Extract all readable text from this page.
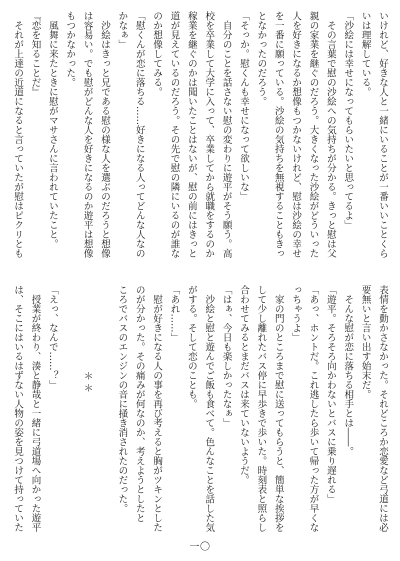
いけれど、好きな人と一緒にいることが一番いいことくら
いは理解している。
「沙絵には幸せになってもらいたいと思ってるよ」
　その言葉で慰の沙絵への気持ちが分かる。きっと慰は父
親の家業を継ぐのだろう。大きくなった沙絵がどういった
人を好きになるか想像もつかないけれど、慰は沙絵の幸せ
を一番に願っている。沙絵の気持ちを無視することもきっ
となかったのだろう。
「そっか。慰くんも幸せになって欲しいな」
　自分のことを話さない慰の変わりに遊平がそう願う。高
校を卒業して大学に入って、卒業してから就職をするのか
稼業を継ぐのかは聞いたことはないが、慰の前にはきっと
道が見えているのだろう。その先で慰の隣にいるのが誰な
のか想像してみる。
「慰くんが恋に落ちる……好きになる人ってどんな人なの
かなぁ」
　沙絵はきっと兄である慰の様な人を選ぶのだろうと想像
は容易い。でも慰がどんな人を好きになるのか遊平は想像
もつかなかった。
　風舞に来たときに慰がマサさんに言われていたこと。
『恋を知ることだ』
　それが上達の近道になると言っていたが慰はピクリとも
表情を動かさなかった。それどころか恋愛など弓道には必
要無いと言い出す始末だ。
　そんな慰が恋に落ちる相手とは――。
「遊平。そろそろ向かわないとバスに乗り遅れる」
「あっ、ホントだ。これ逃したら歩いて帰った方が早くな
っちゃうよ」
　家の門のところまで慰に送ってもらうと、簡単な挨拶を
して少し離れたバス停に早歩きで歩いた。時刻表と照らし
合わせてみるとまだバスは来ていないようだ。
「はぁ、今日も楽しかったなぁ」
　沙絵と慰と遊んでご飯も食べて。色んなことを話した気
がする。そして恋のことも。
「あれ……」
　慰が好きになる人の事を再び考えると胸がツキンとした
のが分かった。その痛みが何なのか、考えようとしたと
ころでバスのエンジンの音に掻き消されたのだった。
＊＊
「えっ、なんで……？」
　授業が終わり、湊と静哉と一緒に弓道場へ向かった遊平
は、そこにはいるはずない人物の姿を見つけて持っていた
一〇
